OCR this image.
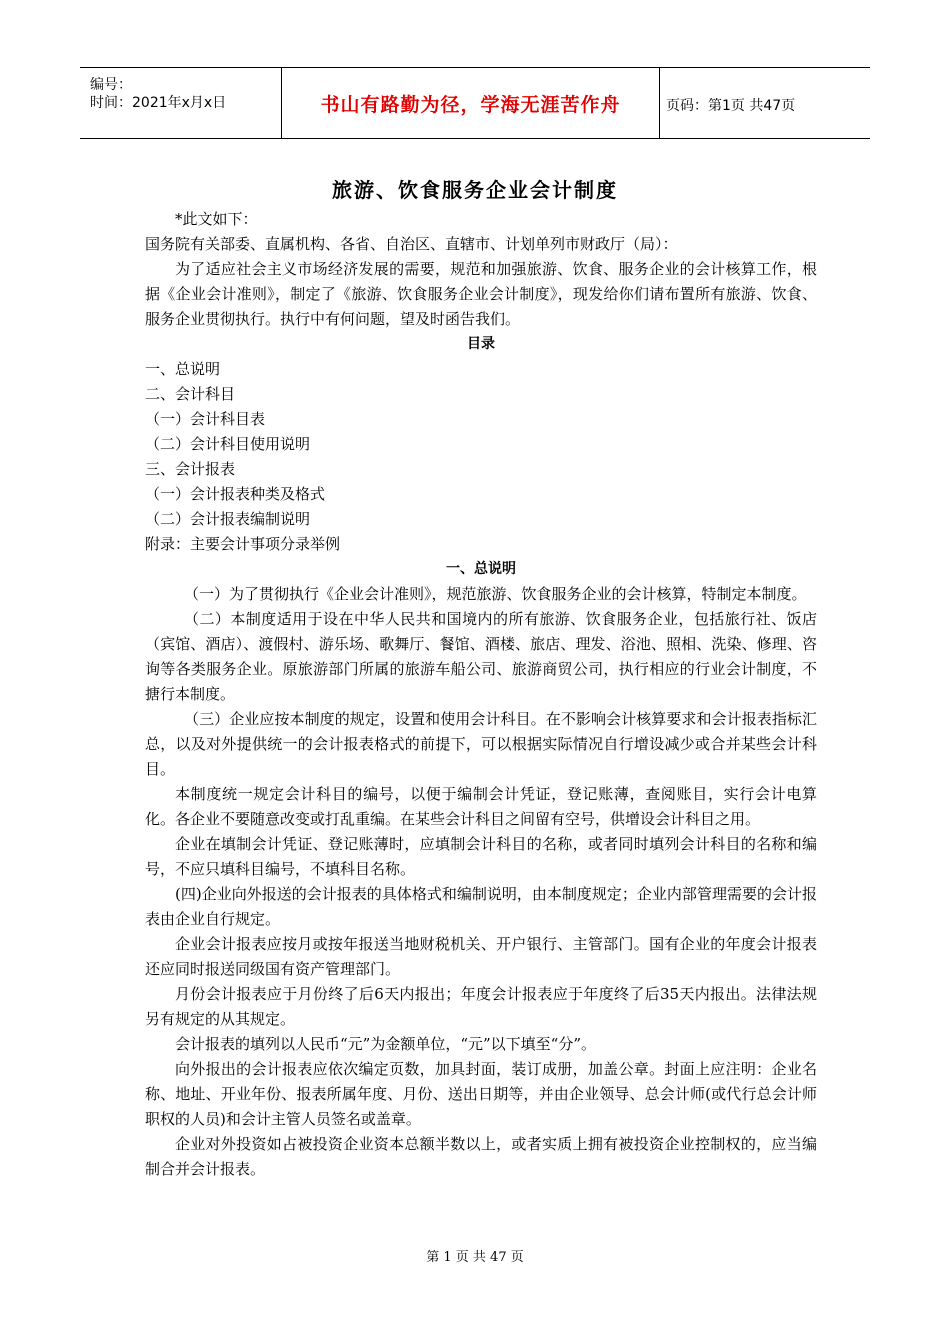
编号：
时间：2021年x月x日	书山有路勤为径，学海无涯苦作舟	页码：第1页 共47页
旅游、饮食服务企业会计制度

*此文如下：

国务院有关部委、直属机构、各省、自治区、直辖市、计划单列市财政厅（局）：

为了适应社会主义市场经济发展的需要，规范和加强旅游、饮食、服务企业的会计核算工作，根据《企业会计准则》，制定了《旅游、饮食服务企业会计制度》，现发给你们请布置所有旅游、饮食、服务企业贯彻执行。执行中有何问题，望及时函告我们。

目录

一、总说明

二、会计科目

（一）会计科目表

（二）会计科目使用说明

三、会计报表

（一）会计报表种类及格式

（二）会计报表编制说明

附录：主要会计事项分录举例

一、总说明

（一）为了贯彻执行《企业会计准则》，规范旅游、饮食服务企业的会计核算，特制定本制度。

（二）本制度适用于设在中华人民共和国境内的所有旅游、饮食服务企业，包括旅行社、饭店（宾馆、酒店）、渡假村、游乐场、歌舞厅、餐馆、酒楼、旅店、理发、浴池、照相、洗染、修理、咨询等各类服务企业。原旅游部门所属的旅游车船公司、旅游商贸公司，执行相应的行业会计制度，不搪行本制度。

（三）企业应按本制度的规定，设置和使用会计科目。在不影响会计核算要求和会计报表指标汇总，以及对外提供统一的会计报表格式的前提下，可以根据实际情况自行增设减少或合并某些会计科目。

本制度统一规定会计科目的编号，以便于编制会计凭证，登记账薄，查阅账目，实行会计电算化。各企业不要随意改变或打乱重编。在某些会计科目之间留有空号，供增设会计科目之用。

企业在填制会计凭证、登记账薄时，应填制会计科目的名称，或者同时填列会计科目的名称和编号，不应只填科目编号，不填科目名称。

(四)企业向外报送的会计报表的具体格式和编制说明，由本制度规定；企业内部管理需要的会计报表由企业自行规定。

企业会计报表应按月或按年报送当地财税机关、开户银行、主管部门。国有企业的年度会计报表还应同时报送同级国有资产管理部门。

月份会计报表应于月份终了后6天内报出；年度会计报表应于年度终了后35天内报出。法律法规另有规定的从其规定。

会计报表的填列以人民币“元”为金额单位，“元”以下填至“分”。

向外报出的会计报表应依次编定页数，加具封面，装订成册，加盖公章。封面上应注明：企业名称、地址、开业年份、报表所属年度、月份、送出日期等，并由企业领导、总会计师(或代行总会计师职权的人员)和会计主管人员签名或盖章。

企业对外投资如占被投资企业资本总额半数以上，或者实质上拥有被投资企业控制权的，应当编制合并会计报表。

第 1 页 共 47 页
